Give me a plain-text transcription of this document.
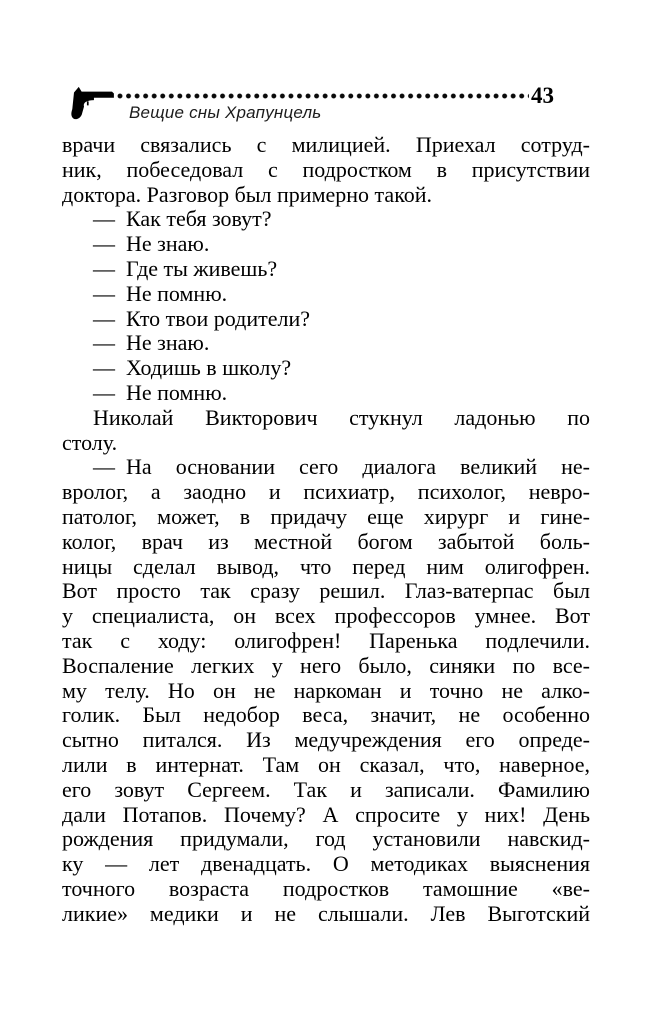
43
Вещие сны Храпунцель
врачи связались с милицией. Приехал сотруд-
ник, побеседовал с подростком в присутствии
доктора. Разговор был примерно такой.
— Как тебя зовут?
— Не знаю.
— Где ты живешь?
— Не помню.
— Кто твои родители?
— Не знаю.
— Ходишь в школу?
— Не помню.
Николай Викторович стукнул ладонью по
столу.
— На основании сего диалога великий не-
вролог, а заодно и психиатр, психолог, невро-
патолог, может, в придачу еще хирург и гине-
колог, врач из местной богом забытой боль-
ницы сделал вывод, что перед ним олигофрен.
Вот просто так сразу решил. Глаз-ватерпас был
у специалиста, он всех профессоров умнее. Вот
так с ходу: олигофрен! Паренька подлечили.
Воспаление легких у него было, синяки по все-
му телу. Но он не наркоман и точно не алко-
голик. Был недобор веса, значит, не особенно
сытно питался. Из медучреждения его опреде-
лили в интернат. Там он сказал, что, наверное,
его зовут Сергеем. Так и записали. Фамилию
дали Потапов. Почему? А спросите у них! День
рождения придумали, год установили навскид-
ку — лет двенадцать. О методиках выяснения
точного возраста подростков тамошние «ве-
ликие» медики и не слышали. Лев Выготский
